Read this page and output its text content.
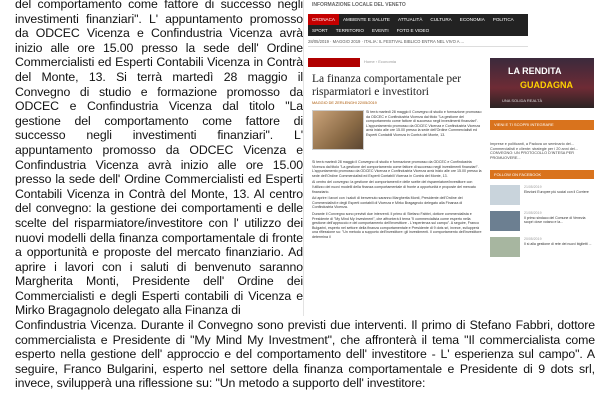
del comportamento come fattore di successo negli investimenti finanziari". L' appuntamento promosso da ODCEC Vicenza e Confindustria Vicenza avrà inizio alle ore 15.00 presso la sede dell' Ordine Commercialisti ed Esperti Contabili Vicenza in Contrà del Monte, 13. Si terrà martedì 28 maggio il Convegno di studio e formazione promosso da ODCEC e Confindustria Vicenza dal titolo "La gestione del comportamento come fattore di successo negli investimenti finanziari". L' appuntamento promosso da ODCEC Vicenza e Confindustria Vicenza avrà inizio alle ore 15.00 presso la sede dell' Ordine Commercialisti ed Esperti Contabili Vicenza in Contrà del Monte, 13. Al centro del convegno: la gestione dei comportamenti e delle scelte del risparmiatore/investitore con l' utilizzo dei nuovi modelli della finanza comportamentale di fronte a opportunità e proposte del mercato finanziario. Ad aprire i lavori con i saluti di benvenuto saranno Margherita Monti, Presidente dell' Ordine dei Commercialisti e degli Esperti contabili di Vicenza e Mirko Bragagnolo delegato alla Finanza di

INFORMAZIONE LOCALE DEL VENETO
CRONACA	AMBIENTE E SALUTE	ATTUALITÀ	CULTURA	ECONOMIA	POLITICA
SPORT	TERRITORIO	EVENTI	FOTO E VIDEO
28/05/2019 · MAGGIO 2019 · ITALIA: IL FESTIVAL BIBLICO ENTRA NEL VIVO A ...
Home › Economia
La finanza comportamentale per risparmiatori e investitori
MAGGIO DE ZERLENGHI 22/05/2019
Si terrà martedì 28 maggio il Convegno di studio e formazione promosso da ODCEC e Confindustria Vicenza dal titolo "La gestione del comportamento come fattore di successo negli investimenti finanziari". L'appuntamento promosso da ODCEC Vicenza e Confindustria Vicenza avrà inizio alle ore 15.00 presso la sede dell'Ordine Commercialisti ed Esperti Contabili Vicenza in Contrà del Monte, 13.

Si terrà martedì 28 maggio il Convegno di studio e formazione promosso da ODCEC e Confindustria Vicenza dal titolo "La gestione del comportamento come fattore di successo negli investimenti finanziari". L'appuntamento promosso da ODCEC Vicenza e Confindustria Vicenza avrà inizio alle ore 15.00 presso la sede dell'Ordine Commercialisti ed Esperti Contabili Vicenza in Contrà del Monte, 13.

Al centro del convegno: la gestione dei comportamenti e delle scelte del risparmiatore/investitore con l'utilizzo dei nuovi modelli della finanza comportamentale di fronte a opportunità e proposte del mercato finanziario.

Ad aprire i lavori con i saluti di benvenuto saranno Margherita Monti, Presidente dell'Ordine dei Commercialisti e degli Esperti contabili di Vicenza e Mirko Bragagnolo delegato alla Finanza di Confindustria Vicenza.

Durante il Convegno sono previsti due interventi. Il primo di Stefano Fabbri, dottore commercialista e Presidente di "My Mind My Investment", che affronterà il tema "Il commercialista come esperto nella gestione dell'approccio e del comportamento dell'investitore - L'esperienza sul campo". A seguire, Franco Bulgarini, esperto nel settore della finanza comportamentale e Presidente di 9 dots srl, invece, svilupperà una riflessione su: "Un metodo a supporto dell'investitore: gli investimenti. Il comportamento dell'investitore determina il

LA RENDITA
GUADAGNA
UNA SOLIDA REALTÀ
VIENI E TI SCOPRI INTEGRARE
Imprese e politicanti, a Padova un seminario dei... Commercialisti e cliente: strategie per i 20 anni del... CONVEGNO: UN PROTOCOLLO D'INTESA PER PROMUOVERE...
FOLLOW ON FACEBOOK
21/05/2019
Elezioni Europee più social con il Corriere
21/05/2019
Il primo sindaco del Comune di Venezia scoprì dove votano e la...
20/05/2019
Il sì alla gestione di rete dei nuovi biglietti ...

Confindustria Vicenza. Durante il Convegno sono previsti due interventi. Il primo di Stefano Fabbri, dottore commercialista e Presidente di "My Mind My Investment", che affronterà il tema "Il commercialista come esperto nella gestione dell' approccio e del comportamento dell' investitore - L' esperienza sul campo". A seguire, Franco Bulgarini, esperto nel settore della finanza comportamentale e Presidente di 9 dots srl, invece, svilupperà una riflessione su: "Un metodo a supporto dell' investitore:
